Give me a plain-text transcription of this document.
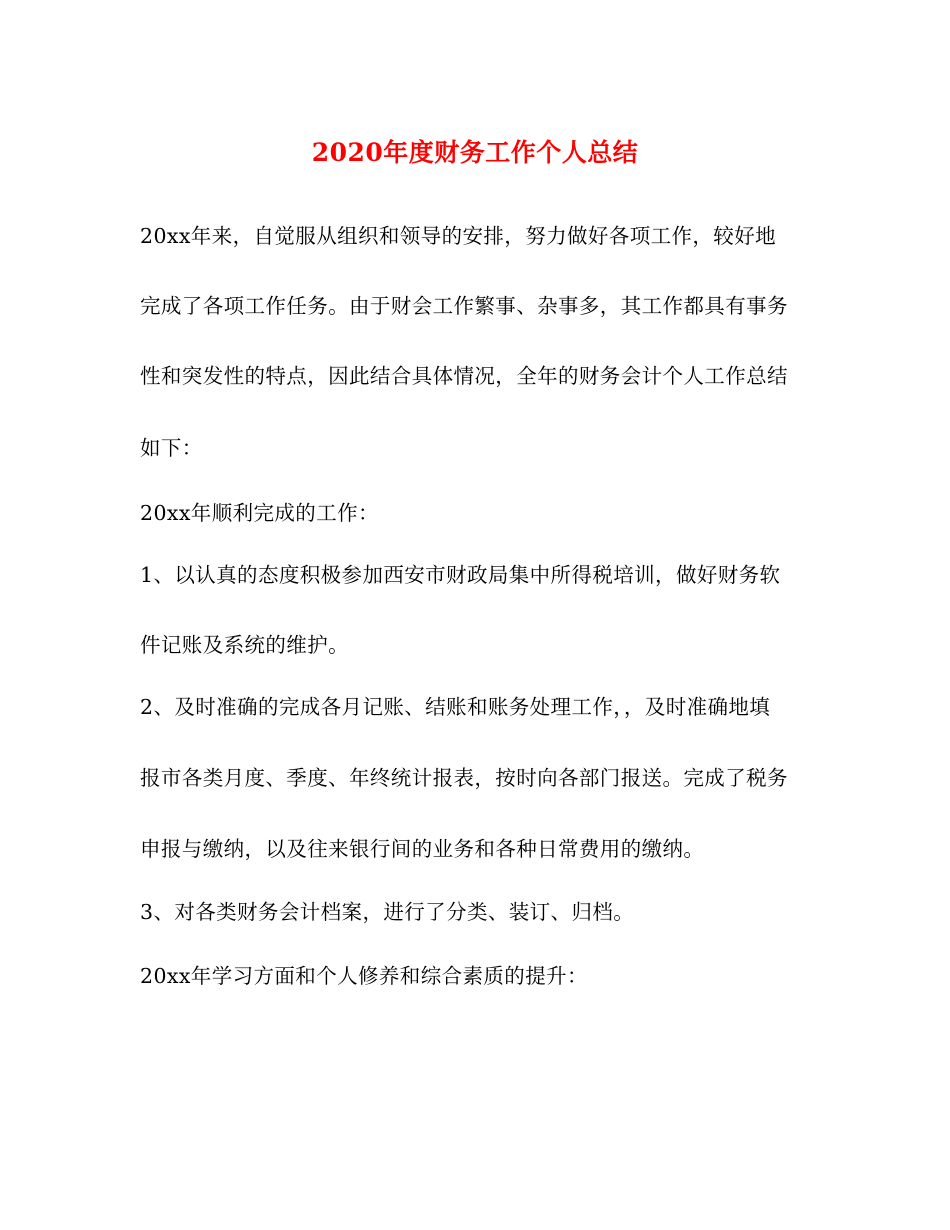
2020年度财务工作个人总结
20xx年来，自觉服从组织和领导的安排，努力做好各项工作，较好地
完成了各项工作任务。由于财会工作繁事、杂事多，其工作都具有事务
性和突发性的特点，因此结合具体情况，全年的财务会计个人工作总结
如下：
20xx年顺利完成的工作：
1、以认真的态度积极参加西安市财政局集中所得税培训，做好财务软
件记账及系统的维护。
2、及时准确的完成各月记账、结账和账务处理工作，，及时准确地填
报市各类月度、季度、年终统计报表，按时向各部门报送。完成了税务
申报与缴纳，以及往来银行间的业务和各种日常费用的缴纳。
3、对各类财务会计档案，进行了分类、装订、归档。
20xx年学习方面和个人修养和综合素质的提升：
